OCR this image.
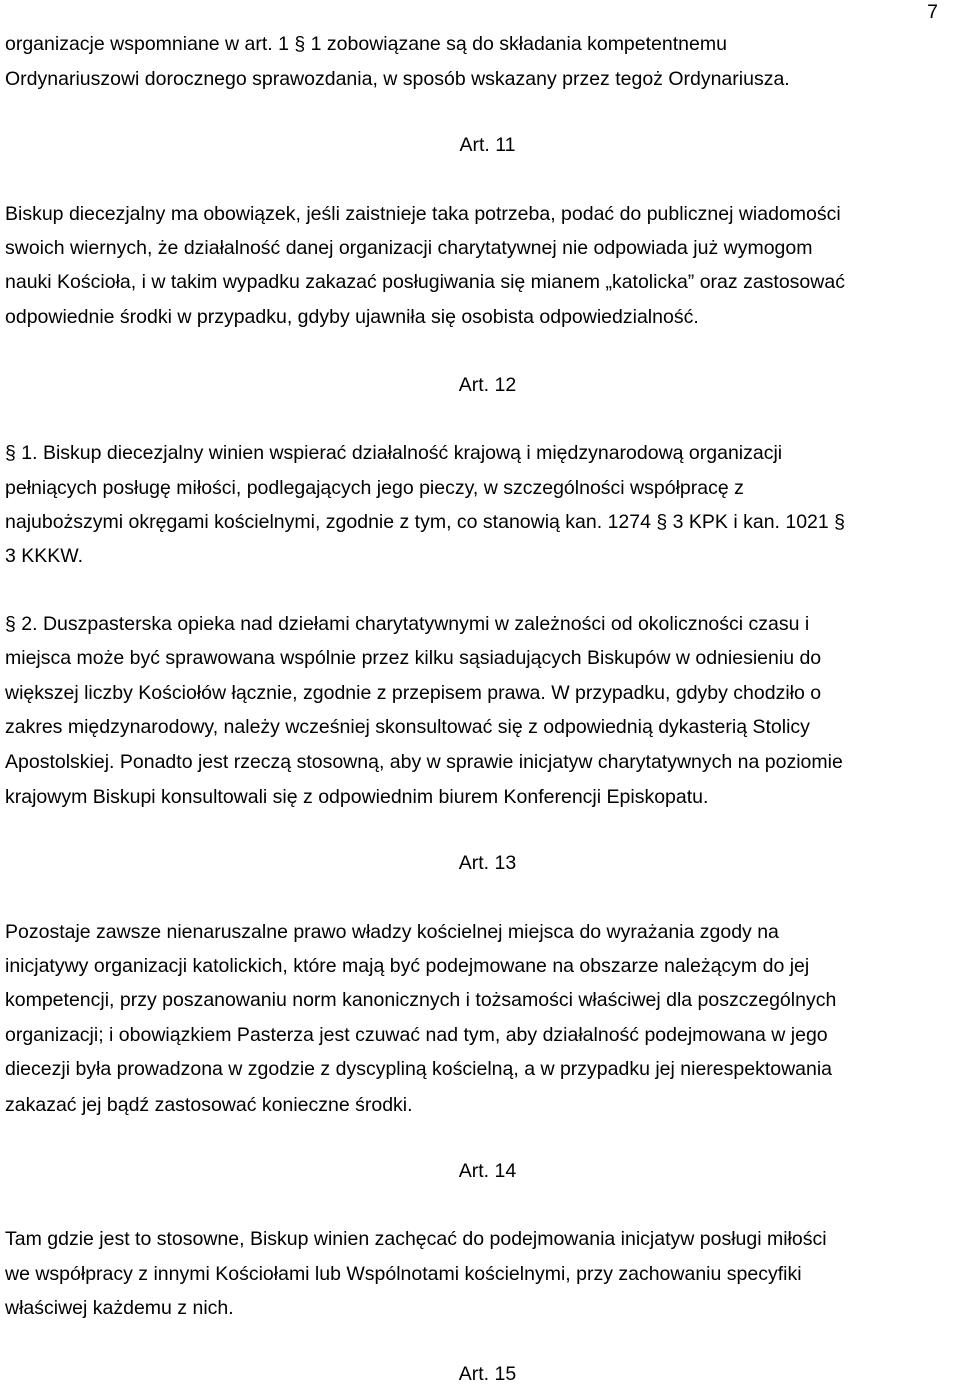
7
organizacje wspomniane w art. 1 § 1 zobowiązane są do składania kompetentnemu
Ordynariuszowi dorocznego sprawozdania, w sposób wskazany przez tegoż Ordynariusza.
Art. 11
Biskup diecezjalny ma obowiązek, jeśli zaistnieje taka potrzeba, podać do publicznej wiadomości
swoich wiernych, że działalność danej organizacji charytatywnej nie odpowiada już wymogom
nauki Kościoła, i w takim wypadku zakazać posługiwania się mianem „katolicka” oraz zastosować
odpowiednie środki w przypadku, gdyby ujawniła się osobista odpowiedzialność.
Art. 12
§ 1. Biskup diecezjalny winien wspierać działalność krajową i międzynarodową organizacji
pełniących posługę miłości, podlegających jego pieczy, w szczególności współpracę z
najuboższymi okręgami kościelnymi, zgodnie z tym, co stanowią kan. 1274 § 3 KPK i kan. 1021 §
3 KKKW.
§ 2. Duszpasterska opieka nad dziełami charytatywnymi w zależności od okoliczności czasu i
miejsca może być sprawowana wspólnie przez kilku sąsiadujących Biskupów w odniesieniu do
większej liczby Kościołów łącznie, zgodnie z przepisem prawa. W przypadku, gdyby chodziło o
zakres międzynarodowy, należy wcześniej skonsultować się z odpowiednią dykasterią Stolicy
Apostolskiej. Ponadto jest rzeczą stosowną, aby w sprawie inicjatyw charytatywnych na poziomie
krajowym Biskupi konsultowali się z odpowiednim biurem Konferencji Episkopatu.
Art. 13
Pozostaje zawsze nienaruszalne prawo władzy kościelnej miejsca do wyrażania zgody na
inicjatywy organizacji katolickich, które mają być podejmowane na obszarze należącym do jej
kompetencji, przy poszanowaniu norm kanonicznych i tożsamości właściwej dla poszczególnych
organizacji; i obowiązkiem Pasterza jest czuwać nad tym, aby działalność podejmowana w jego
diecezji była prowadzona w zgodzie z dyscypliną kościelną, a w przypadku jej nierespektowania
zakazać jej bądź zastosować konieczne środki.
Art. 14
Tam gdzie jest to stosowne, Biskup winien zachęcać do podejmowania inicjatyw posługi miłości
we współpracy z innymi Kościołami lub Wspólnotami kościelnymi, przy zachowaniu specyfiki
właściwej każdemu z nich.
Art. 15
